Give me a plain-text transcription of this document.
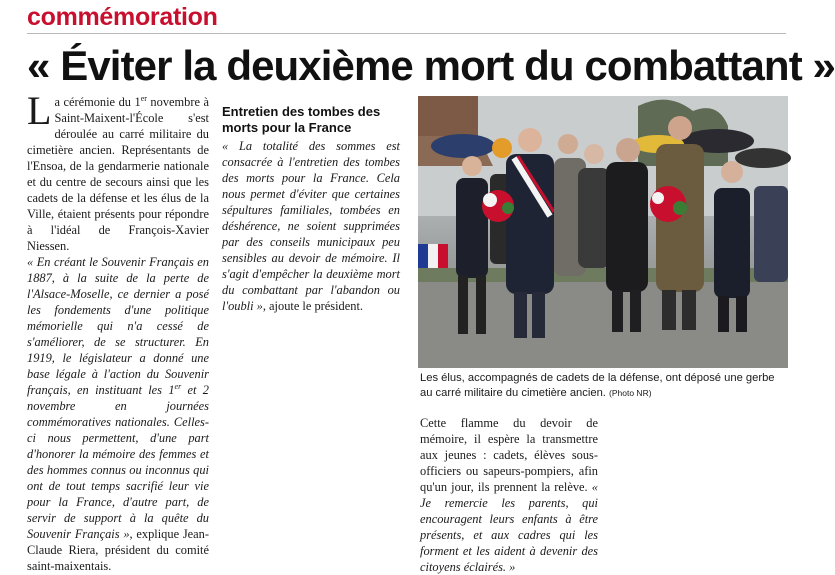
commémoration
« Éviter la deuxième mort du combattant »

La cérémonie du 1er novembre à Saint-Maixent-l'École s'est déroulée au carré militaire du cimetière ancien. Représentants de l'Ensoa, de la gendarmerie nationale et du centre de secours ainsi que les cadets de la défense et les élus de la Ville, étaient présents pour répondre à l'idéal de François-Xavier Niessen.

« En créant le Souvenir Français en 1887, à la suite de la perte de l'Alsace-Moselle, ce dernier a posé les fondements d'une politique mémorielle qui n'a cessé de s'améliorer, de se structurer. En 1919, le législateur a donné une base légale à l'action du Souvenir français, en instituant les 1er et 2 novembre en journées commémoratives nationales. Celles-ci nous permettent, d'une part d'honorer la mémoire des femmes et des hommes connus ou inconnus qui ont de tout temps sacrifié leur vie pour la France, d'autre part, de servir de support à la quête du Souvenir Français », explique Jean-Claude Riera, président du comité saint-maixentais.

Entretien des tombes des morts pour la France

« La totalité des sommes est consacrée à l'entretien des tombes des morts pour la France. Cela nous permet d'éviter que certaines sépultures familiales, tombées en déshérence, ne soient supprimées par des conseils municipaux peu sensibles au devoir de mémoire. Il s'agit d'empêcher la deuxième mort du combattant par l'abandon ou l'oubli », ajoute le président.

Les élus, accompagnés de cadets de la défense, ont déposé une gerbe au carré militaire du cimetière ancien. (Photo NR)

Cette flamme du devoir de mémoire, il espère la transmettre aux jeunes : cadets, élèves sous-officiers ou sapeurs-pompiers, afin qu'un jour, ils prennent la relève. « Je remercie les parents, qui encouragent leurs enfants à être présents, et aux cadres qui les forment et les aident à devenir des citoyens éclairés. »
